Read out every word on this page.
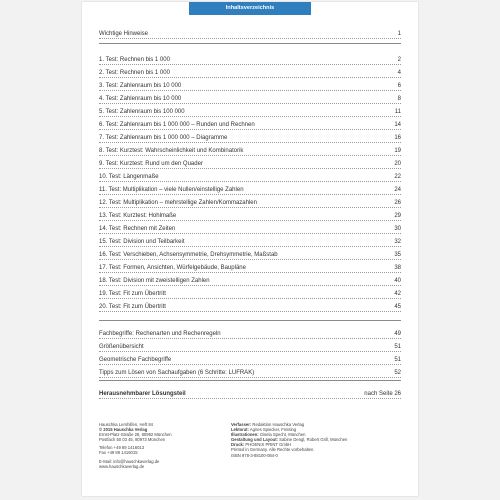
Inhaltsverzeichnis
Wichtige Hinweise	1
1. Test: Rechnen bis 1 000	2
2. Test: Rechnen bis 1 000	4
3. Test: Zahlenraum bis 10 000	6
4. Test: Zahlenraum bis 10 000	8
5. Test: Zahlenraum bis 100 000	11
6. Test: Zahlenraum bis 1 000 000 – Runden und Rechnen	14
7. Test: Zahlenraum bis 1 000 000 – Diagramme	16
8. Test: Kurztest: Wahrscheinlichkeit und Kombinatorik	19
9. Test: Kurztest: Rund um den Quader	20
10. Test: Längenmaße	22
11. Test: Multiplikation – viele Nullen/einstellige Zahlen	24
12. Test: Multiplikation – mehrstellige Zahlen/Kommazahlen	26
13. Test: Kurztest: Hohlmaße	29
14. Test: Rechnen mit Zeiten	30
15. Test: Division und Teilbarkeit	32
16. Test: Verschieben, Achsensymmetrie, Drehsymmetrie, Maßstab	35
17. Test: Formen, Ansichten, Würfelgebäude, Baupläne	38
18. Test: Division mit zweistelligen Zahlen	40
19. Test: Fit zum Übertritt	42
20. Test: Fit zum Übertritt	45
Fachbegriffe: Rechenarten und Rechenregeln	49
Größenübersicht	51
Geometrische Fachbegriffe	51
Tipps zum Lösen von Sachaufgaben (6 Schritte: LUFRAK)	52
Herausnehmbarer Lösungsteil	nach Seite 26
Hauschka Lernhilfen, Heft 84
© 2015 Hauschka Verlag
Ernst-Platz-Straße 28, 80992 München
Postfach 50 03 45, 80973 München
Telefon +49 89 1416013
Fax +49 89 1416015
E-Mail: info@hauschkaverlag.de
www.hauschkaverlag.de
Verfasser: Redaktion Hauschka Verlag
Lektorat: Agnes Spiecker, Freising
Illustrationen: Gisela Specht, München
Gestaltung und Layout: Sabine Dengl, Robert Grill, München
Druck: PHOENIX PRINT GmbH
Printed in Germany. Alle Rechte vorbehalten.
ISBN 978-3-88100-084-0
